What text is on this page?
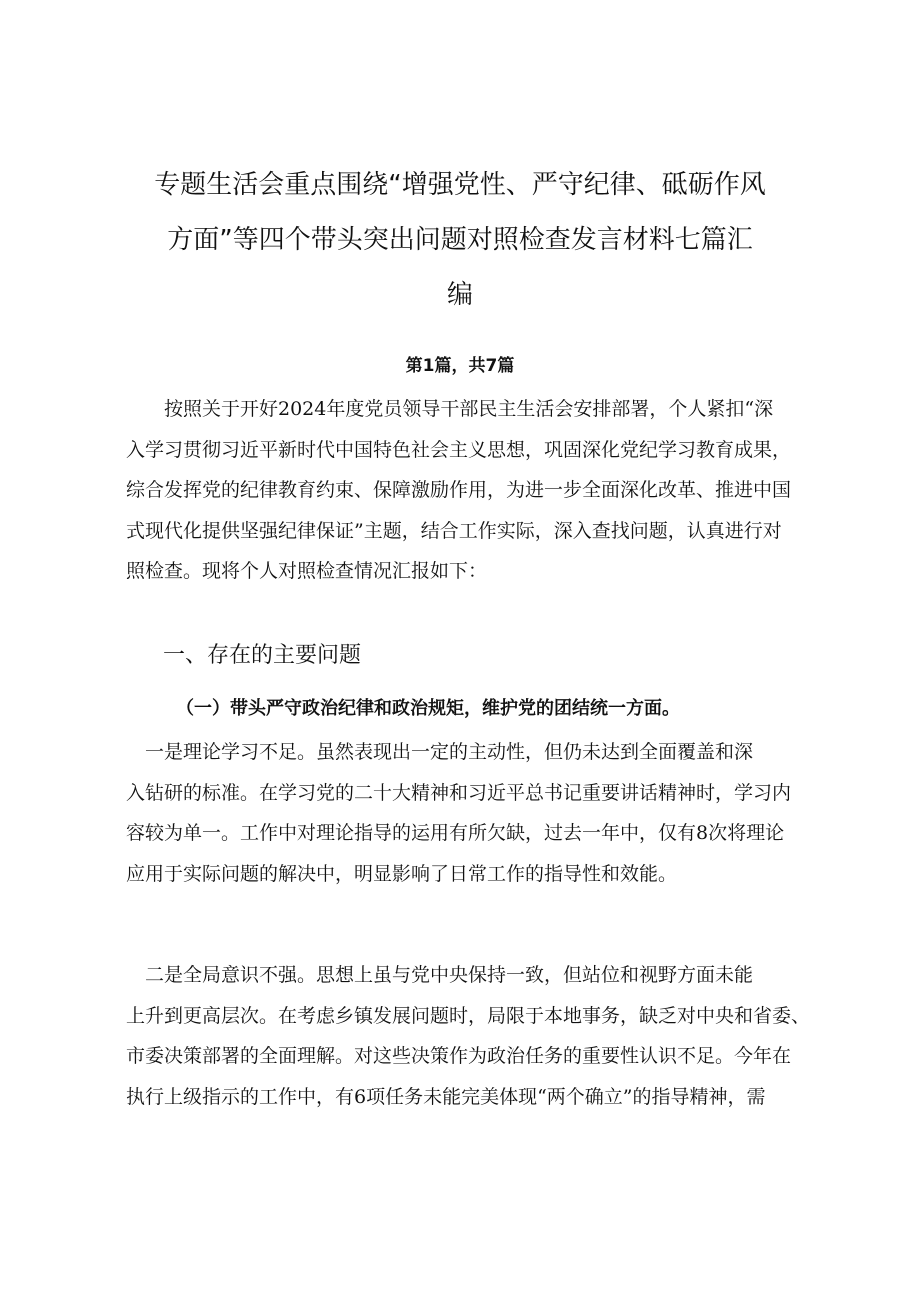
专题生活会重点围绕“增强党性、严守纪律、砥砺作风
方面”等四个带头突出问题对照检查发言材料七篇汇
编

第1篇，共7篇

　　按照关于开好2024年度党员领导干部民主生活会安排部署，个人紧扣“深
入学习贯彻习近平新时代中国特色社会主义思想，巩固深化党纪学习教育成果，
综合发挥党的纪律教育约束、保障激励作用，为进一步全面深化改革、推进中国
式现代化提供坚强纪律保证”主题，结合工作实际，深入查找问题，认真进行对
照检查。现将个人对照检查情况汇报如下：

一、存在的主要问题
（一）带头严守政治纪律和政治规矩，维护党的团结统一方面。

　一是理论学习不足。虽然表现出一定的主动性，但仍未达到全面覆盖和深
入钻研的标准。在学习党的二十大精神和习近平总书记重要讲话精神时，学习内
容较为单一。工作中对理论指导的运用有所欠缺，过去一年中，仅有8次将理论
应用于实际问题的解决中，明显影响了日常工作的指导性和效能。

　二是全局意识不强。思想上虽与党中央保持一致，但站位和视野方面未能
上升到更高层次。在考虑乡镇发展问题时，局限于本地事务，缺乏对中央和省委、
市委决策部署的全面理解。对这些决策作为政治任务的重要性认识不足。今年在
执行上级指示的工作中，有6项任务未能完美体现“两个确立”的指导精神，需
